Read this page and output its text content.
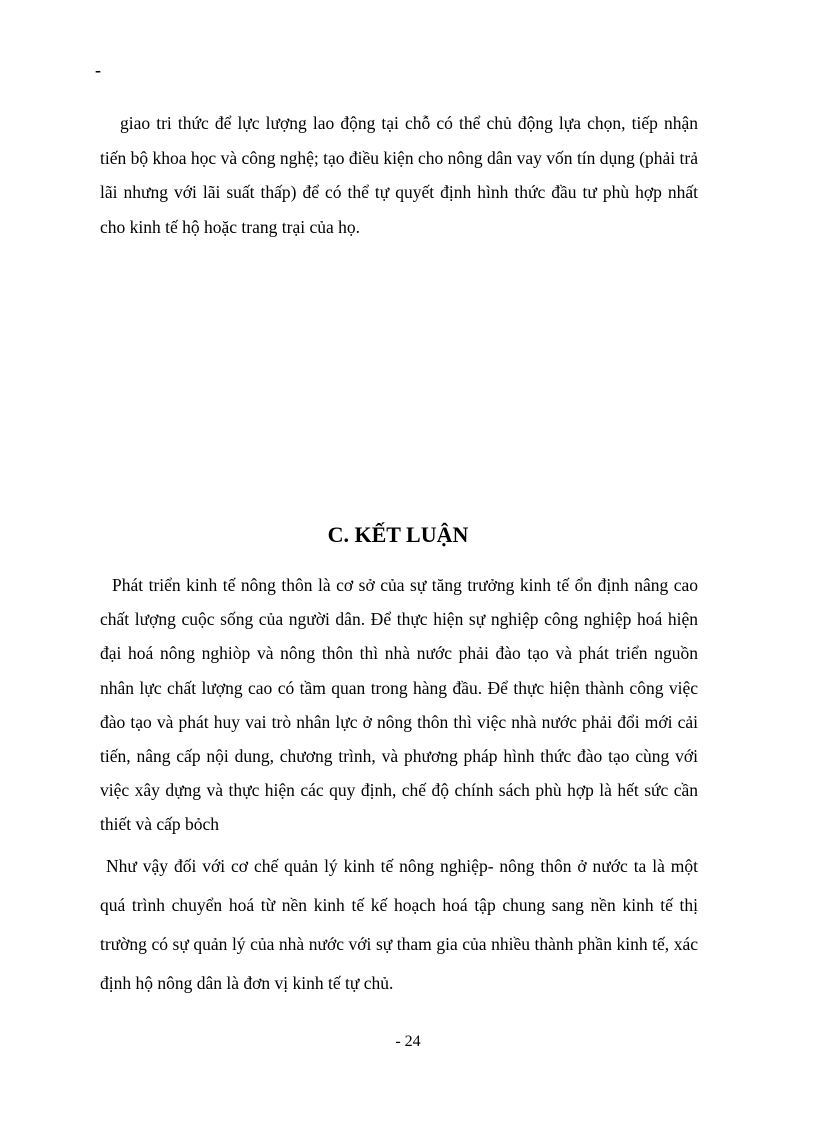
-

giao tri thức để lực lượng lao động tại chỗ có thể chủ động lựa chọn, tiếp nhận tiến bộ khoa học và công nghệ; tạo điều kiện cho nông dân vay vốn tín dụng (phải trả lãi nhưng với lãi suất thấp) để có thể tự quyết định hình thức đầu tư phù hợp nhất cho kinh tế hộ hoặc trang trại của họ.

C. KẾT LUẬN

Phát triển kinh tế nông thôn là cơ sở của sự tăng trưởng kinh tế ổn định nâng cao chất lượng cuộc sống của người dân. Để thực hiện sự nghiệp công nghiệp hoá hiện đại hoá nông nghiòp và nông thôn thì nhà nước phải đào tạo và phát triển nguồn nhân lực chất lượng cao có tầm quan trong hàng đầu. Để thực hiện thành công việc đào tạo và phát huy vai trò nhân lực ở nông thôn thì việc nhà nước phải đổi mới cải tiến, nâng cấp nội dung, chương trình, và phương pháp hình thức đào tạo cùng với việc xây dựng và thực hiện các quy định, chế độ chính sách phù hợp là hết sức cần thiết và cấp bỏch

Như vậy đối với cơ chế quản lý kinh tế nông nghiệp- nông thôn ở nước ta là một quá trình chuyển hoá từ nền kinh tế kế hoạch hoá tập chung sang nền kinh tế thị trường có sự quản lý của nhà nước với sự tham gia của nhiều thành phần kinh tế, xác định hộ nông dân là đơn vị kinh tế tự chủ.

- 24
